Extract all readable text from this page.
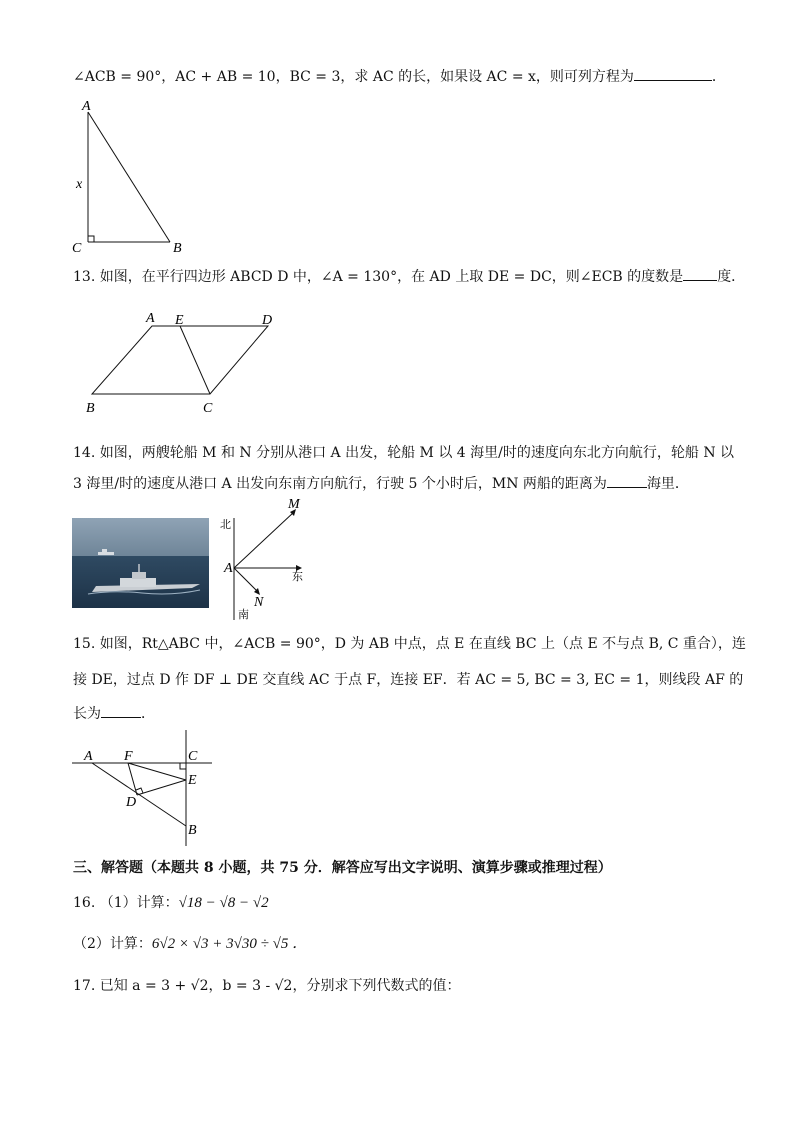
∠ACB = 90°，AC + AB = 10，BC = 3，求 AC 的长，如果设 AC = x，则可列方程为	．
A
x
C	B
13. 如图，在平行四边形 ABCD D 中，∠A = 130°，在 AD 上取 DE = DC，则∠ECB 的度数是 度．
A E	D
B	C
14. 如图，两艘轮船 M 和 N 分别从港口 A 出发，轮船 M 以 4 海里/时的速度向东北方向航行，轮船 N 以
3 海里/时的速度从港口 A 出发向东南方向航行，行驶 5 个小时后，MN 两船的距离为	海里．
北
南
东
A
M
N
15. 如图，Rt△ABC 中，∠ACB = 90°，D 为 AB 中点，点 E 在直线 BC 上（点 E 不与点 B, C 重合），连
接 DE，过点 D 作 DF ⊥ DE 交直线 AC 于点 F，连接 EF．若 AC = 5, BC = 3, EC = 1，则线段 AF 的
长为	．
A F	C
E
D
B
三、解答题（本题共 8 小题，共 75 分．解答应写出文字说明、演算步骤或推理过程）
16. （1）计算：√18 − √8 − √2
（2）计算：6√2 × √3 + 3√30 ÷ √5 ．
17. 已知 a = 3 + √2，b = 3 - √2，分别求下列代数式的值：
